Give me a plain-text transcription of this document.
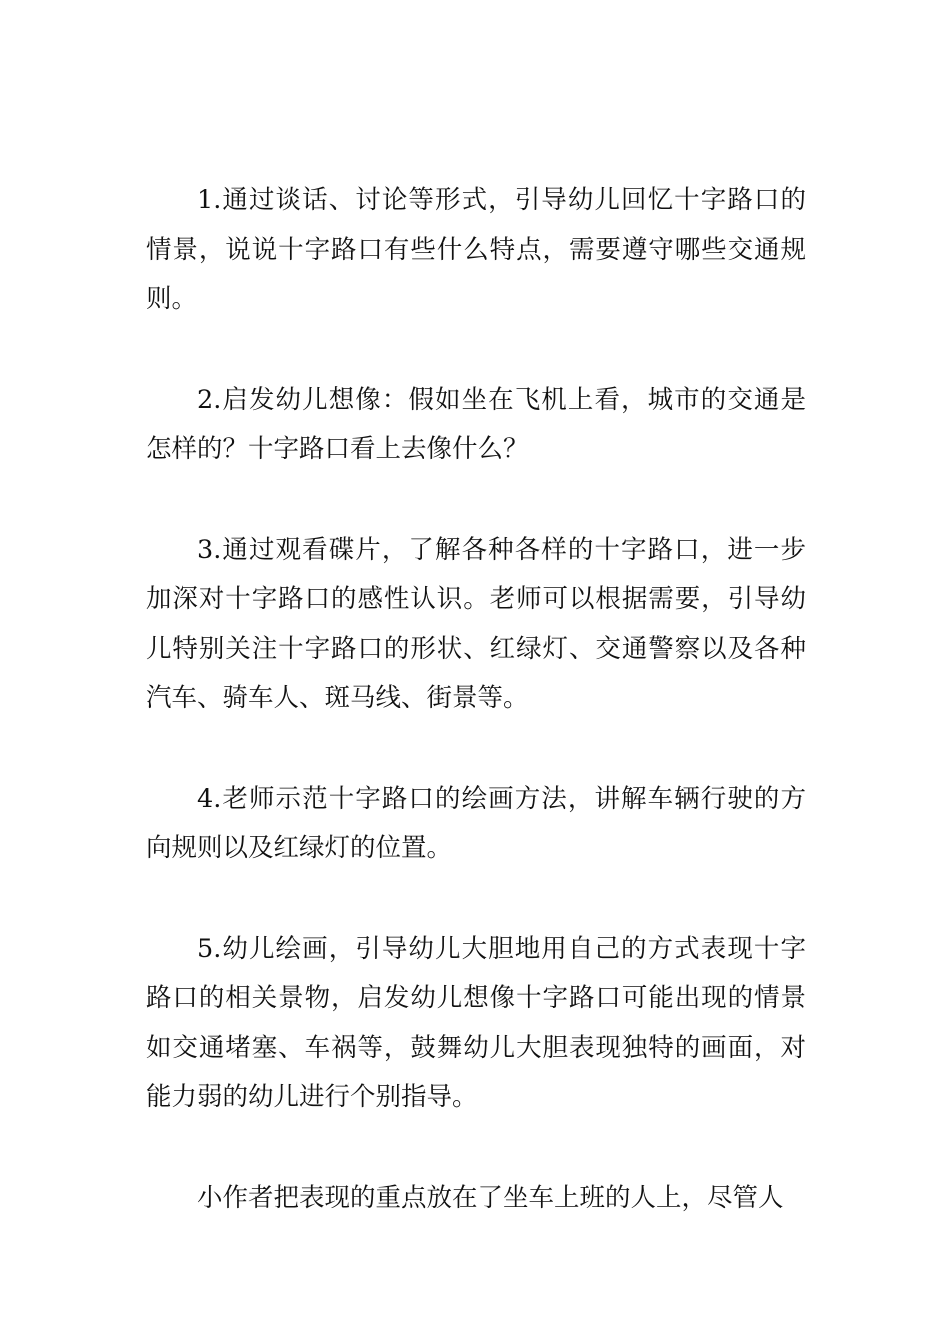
1.通过谈话、讨论等形式，引导幼儿回忆十字路口的情景，说说十字路口有些什么特点，需要遵守哪些交通规则。

2.启发幼儿想像：假如坐在飞机上看，城市的交通是怎样的？十字路口看上去像什么？

3.通过观看碟片，了解各种各样的十字路口，进一步加深对十字路口的感性认识。老师可以根据需要，引导幼儿特别关注十字路口的形状、红绿灯、交通警察以及各种汽车、骑车人、斑马线、街景等。

4.老师示范十字路口的绘画方法，讲解车辆行驶的方向规则以及红绿灯的位置。

5.幼儿绘画，引导幼儿大胆地用自己的方式表现十字路口的相关景物，启发幼儿想像十字路口可能出现的情景如交通堵塞、车祸等，鼓舞幼儿大胆表现独特的画面，对能力弱的幼儿进行个别指导。

小作者把表现的重点放在了坐车上班的人上，尽管人
